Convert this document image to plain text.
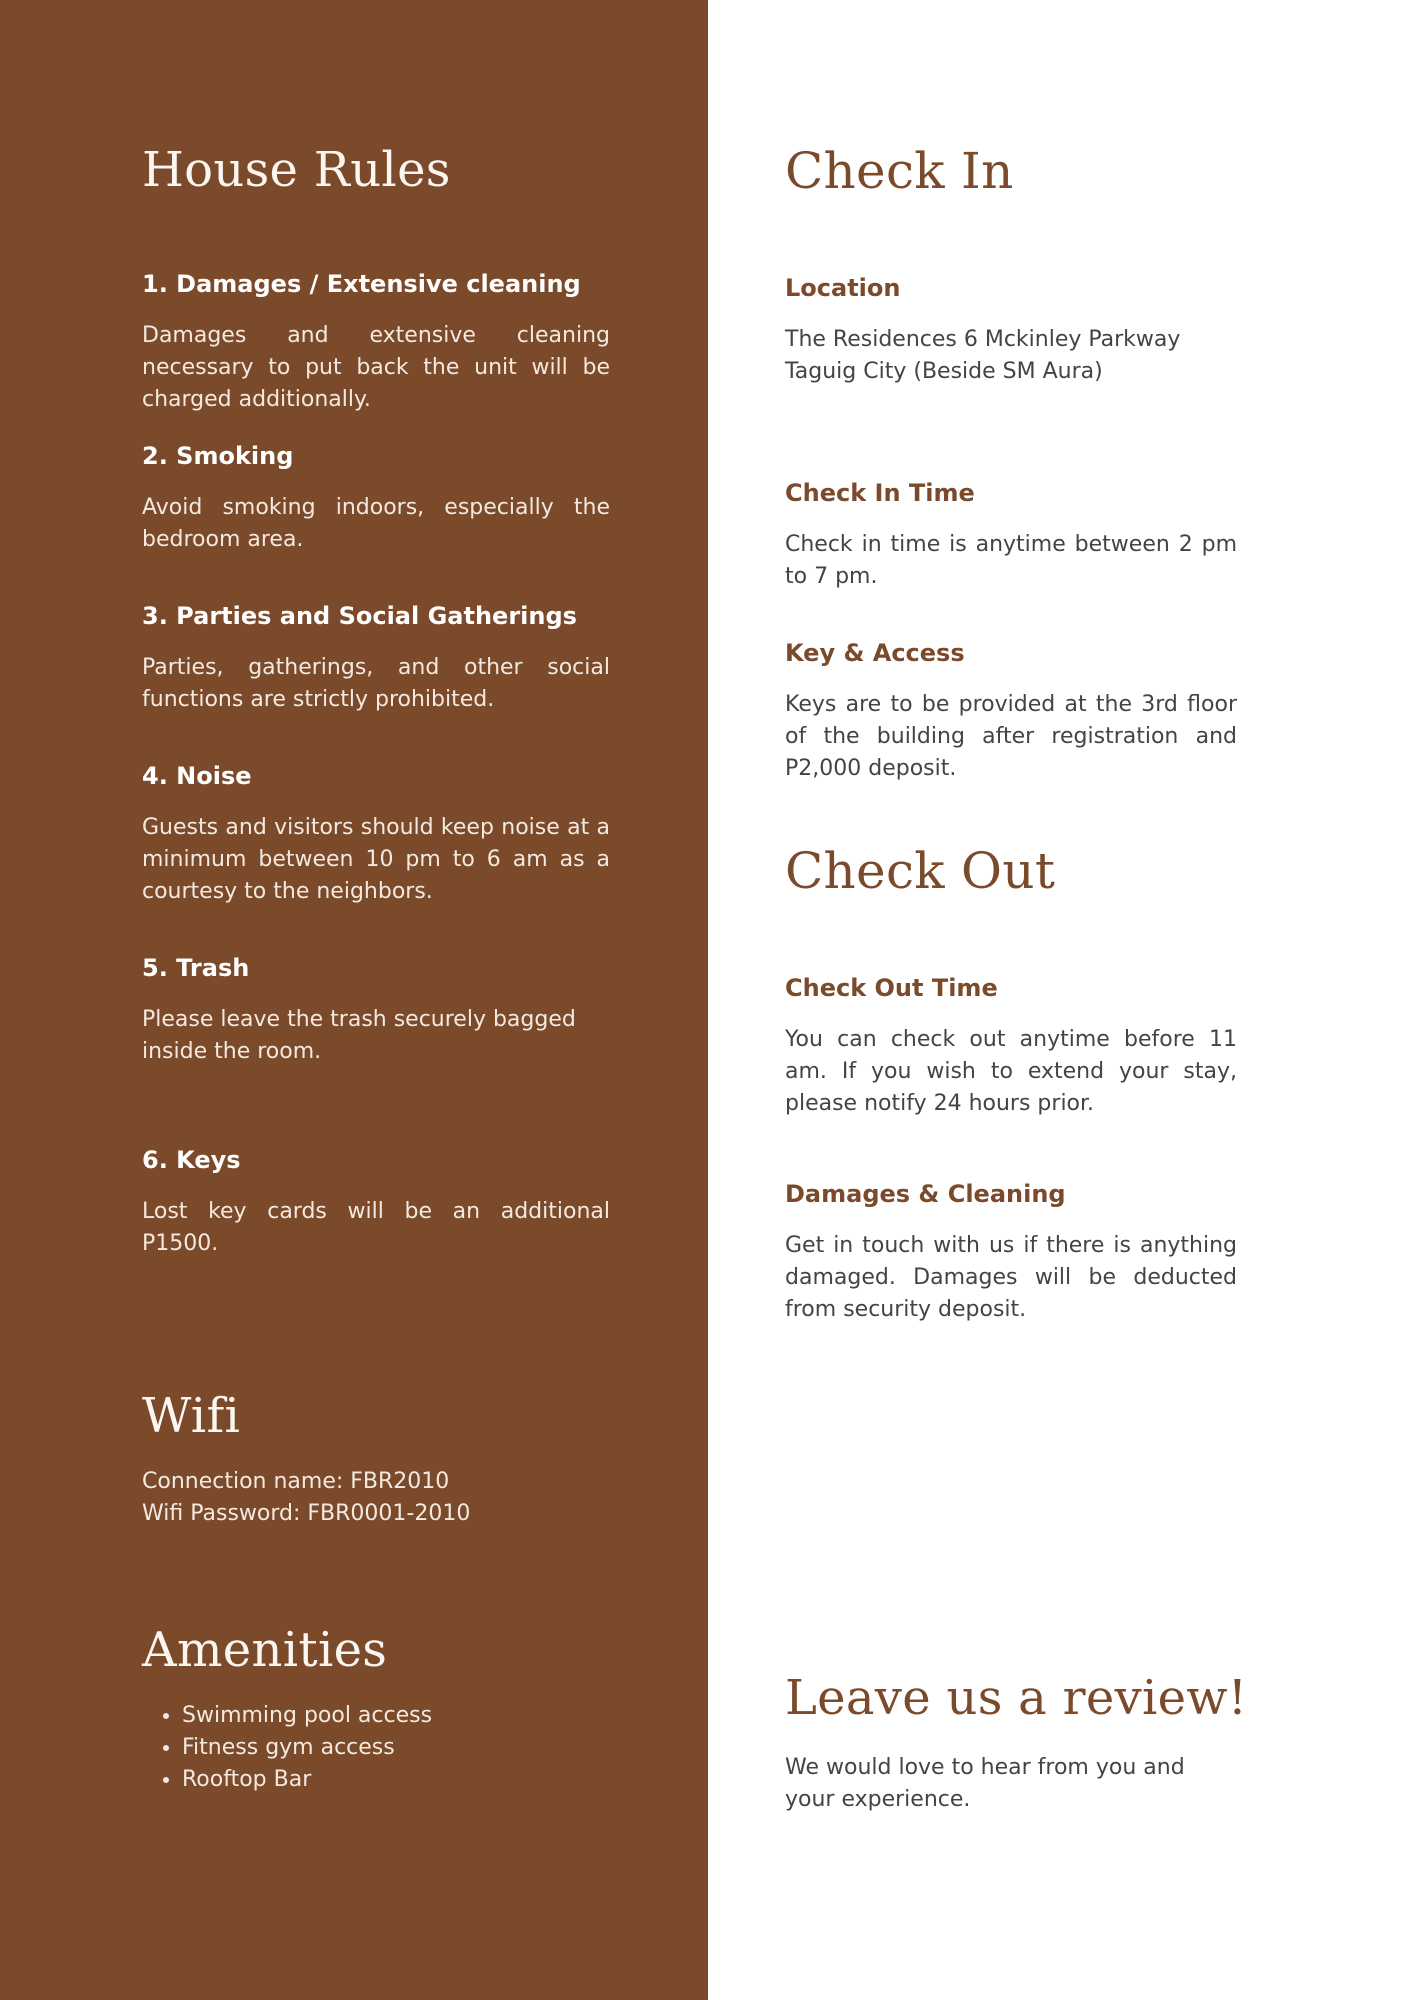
House Rules

1. Damages / Extensive cleaning

Damages and extensive cleaning necessary to put back the unit will be charged additionally.

2. Smoking

Avoid smoking indoors, especially the bedroom area.

3. Parties and Social Gatherings

Parties, gatherings, and other social functions are strictly prohibited.

4. Noise

Guests and visitors should keep noise at a minimum between 10 pm to 6 am as a courtesy to the neighbors.

5. Trash

Please leave the trash securely bagged inside the room.

6. Keys

Lost key cards will be an additional P1500.

Wifi

Connection name: FBR2010

Wifi Password: FBR0001-2010

Amenities
• Swimming pool access
• Fitness gym access
• Rooftop Bar
Check In

Location

The Residences 6 Mckinley Parkway Taguig City (Beside SM Aura)

Check In Time

Check in time is anytime between 2 pm to 7 pm.

Key & Access

Keys are to be provided at the 3rd floor of the building after registration and P2,000 deposit.

Check Out

Check Out Time

You can check out anytime before 11 am. If you wish to extend your stay, please notify 24 hours prior.

Damages & Cleaning

Get in touch with us if there is anything damaged. Damages will be deducted from security deposit.

Leave us a review!

We would love to hear from you and your experience.
